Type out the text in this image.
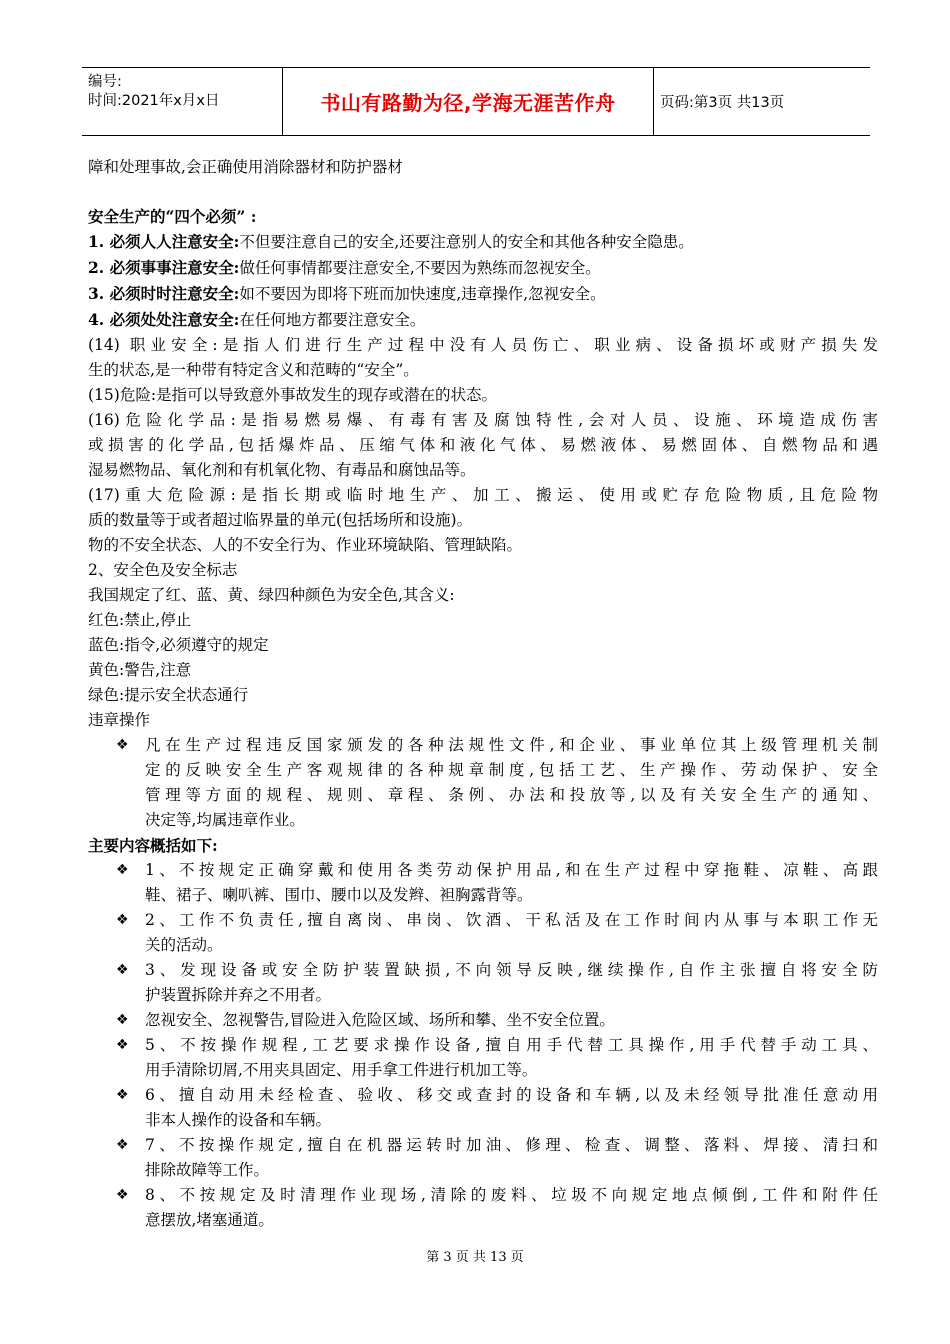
编号:
时间:2021年x月x日	书山有路勤为径,学海无涯苦作舟	页码:第3页 共13页
障和处理事故,会正确使用消除器材和防护器材
安全生产的“四个必须” :
1. 必须人人注意安全:不但要注意自己的安全,还要注意别人的安全和其他各种安全隐患。
2. 必须事事注意安全:做任何事情都要注意安全,不要因为熟练而忽视安全。
3. 必须时时注意安全:如不要因为即将下班而加快速度,违章操作,忽视安全。
4. 必须处处注意安全:在任何地方都要注意安全。
(14) 职业安全:是指人们进行生产过程中没有人员伤亡、职业病、设备损坏或财产损失发
生的状态,是一种带有特定含义和范畴的“安全”。
(15)危险:是指可以导致意外事故发生的现存或潜在的状态。
(16)危险化学品:是指易燃易爆、有毒有害及腐蚀特性,会对人员、设施、环境造成伤害
或损害的化学品,包括爆炸品、压缩气体和液化气体、易燃液体、易燃固体、自燃物品和遇
湿易燃物品、氧化剂和有机氧化物、有毒品和腐蚀品等。
(17)重大危险源:是指长期或临时地生产、加工、搬运、使用或贮存危险物质,且危险物
质的数量等于或者超过临界量的单元(包括场所和设施)。
物的不安全状态、人的不安全行为、作业环境缺陷、管理缺陷。
2、安全色及安全标志
我国规定了红、蓝、黄、绿四种颜色为安全色,其含义:
红色:禁止,停止
蓝色:指令,必须遵守的规定
黄色:警告,注意
绿色:提示安全状态通行
违章操作
❖ 凡在生产过程违反国家颁发的各种法规性文件,和企业、事业单位其上级管理机关制
定的反映安全生产客观规律的各种规章制度,包括工艺、生产操作、劳动保护、安全
管理等方面的规程、规则、章程、条例、办法和投放等,以及有关安全生产的通知、
决定等,均属违章作业。
主要内容概括如下:
❖ 1、不按规定正确穿戴和使用各类劳动保护用品,和在生产过程中穿拖鞋、凉鞋、高跟
鞋、裙子、喇叭裤、围巾、腰巾以及发辫、袒胸露背等。
❖ 2、工作不负责任,擅自离岗、串岗、饮酒、干私活及在工作时间内从事与本职工作无
关的活动。
❖ 3、发现设备或安全防护装置缺损,不向领导反映,继续操作,自作主张擅自将安全防
护装置拆除并弃之不用者。
❖ 忽视安全、忽视警告,冒险进入危险区域、场所和攀、坐不安全位置。
❖ 5、不按操作规程,工艺要求操作设备,擅自用手代替工具操作,用手代替手动工具、
用手清除切屑,不用夹具固定、用手拿工件进行机加工等。
❖ 6、擅自动用未经检查、验收、移交或查封的设备和车辆,以及未经领导批准任意动用
非本人操作的设备和车辆。
❖ 7、不按操作规定,擅自在机器运转时加油、修理、检查、调整、落料、焊接、清扫和
排除故障等工作。
❖ 8、不按规定及时清理作业现场,清除的废料、垃圾不向规定地点倾倒,工件和附件任
意摆放,堵塞通道。
第 3 页 共 13 页
